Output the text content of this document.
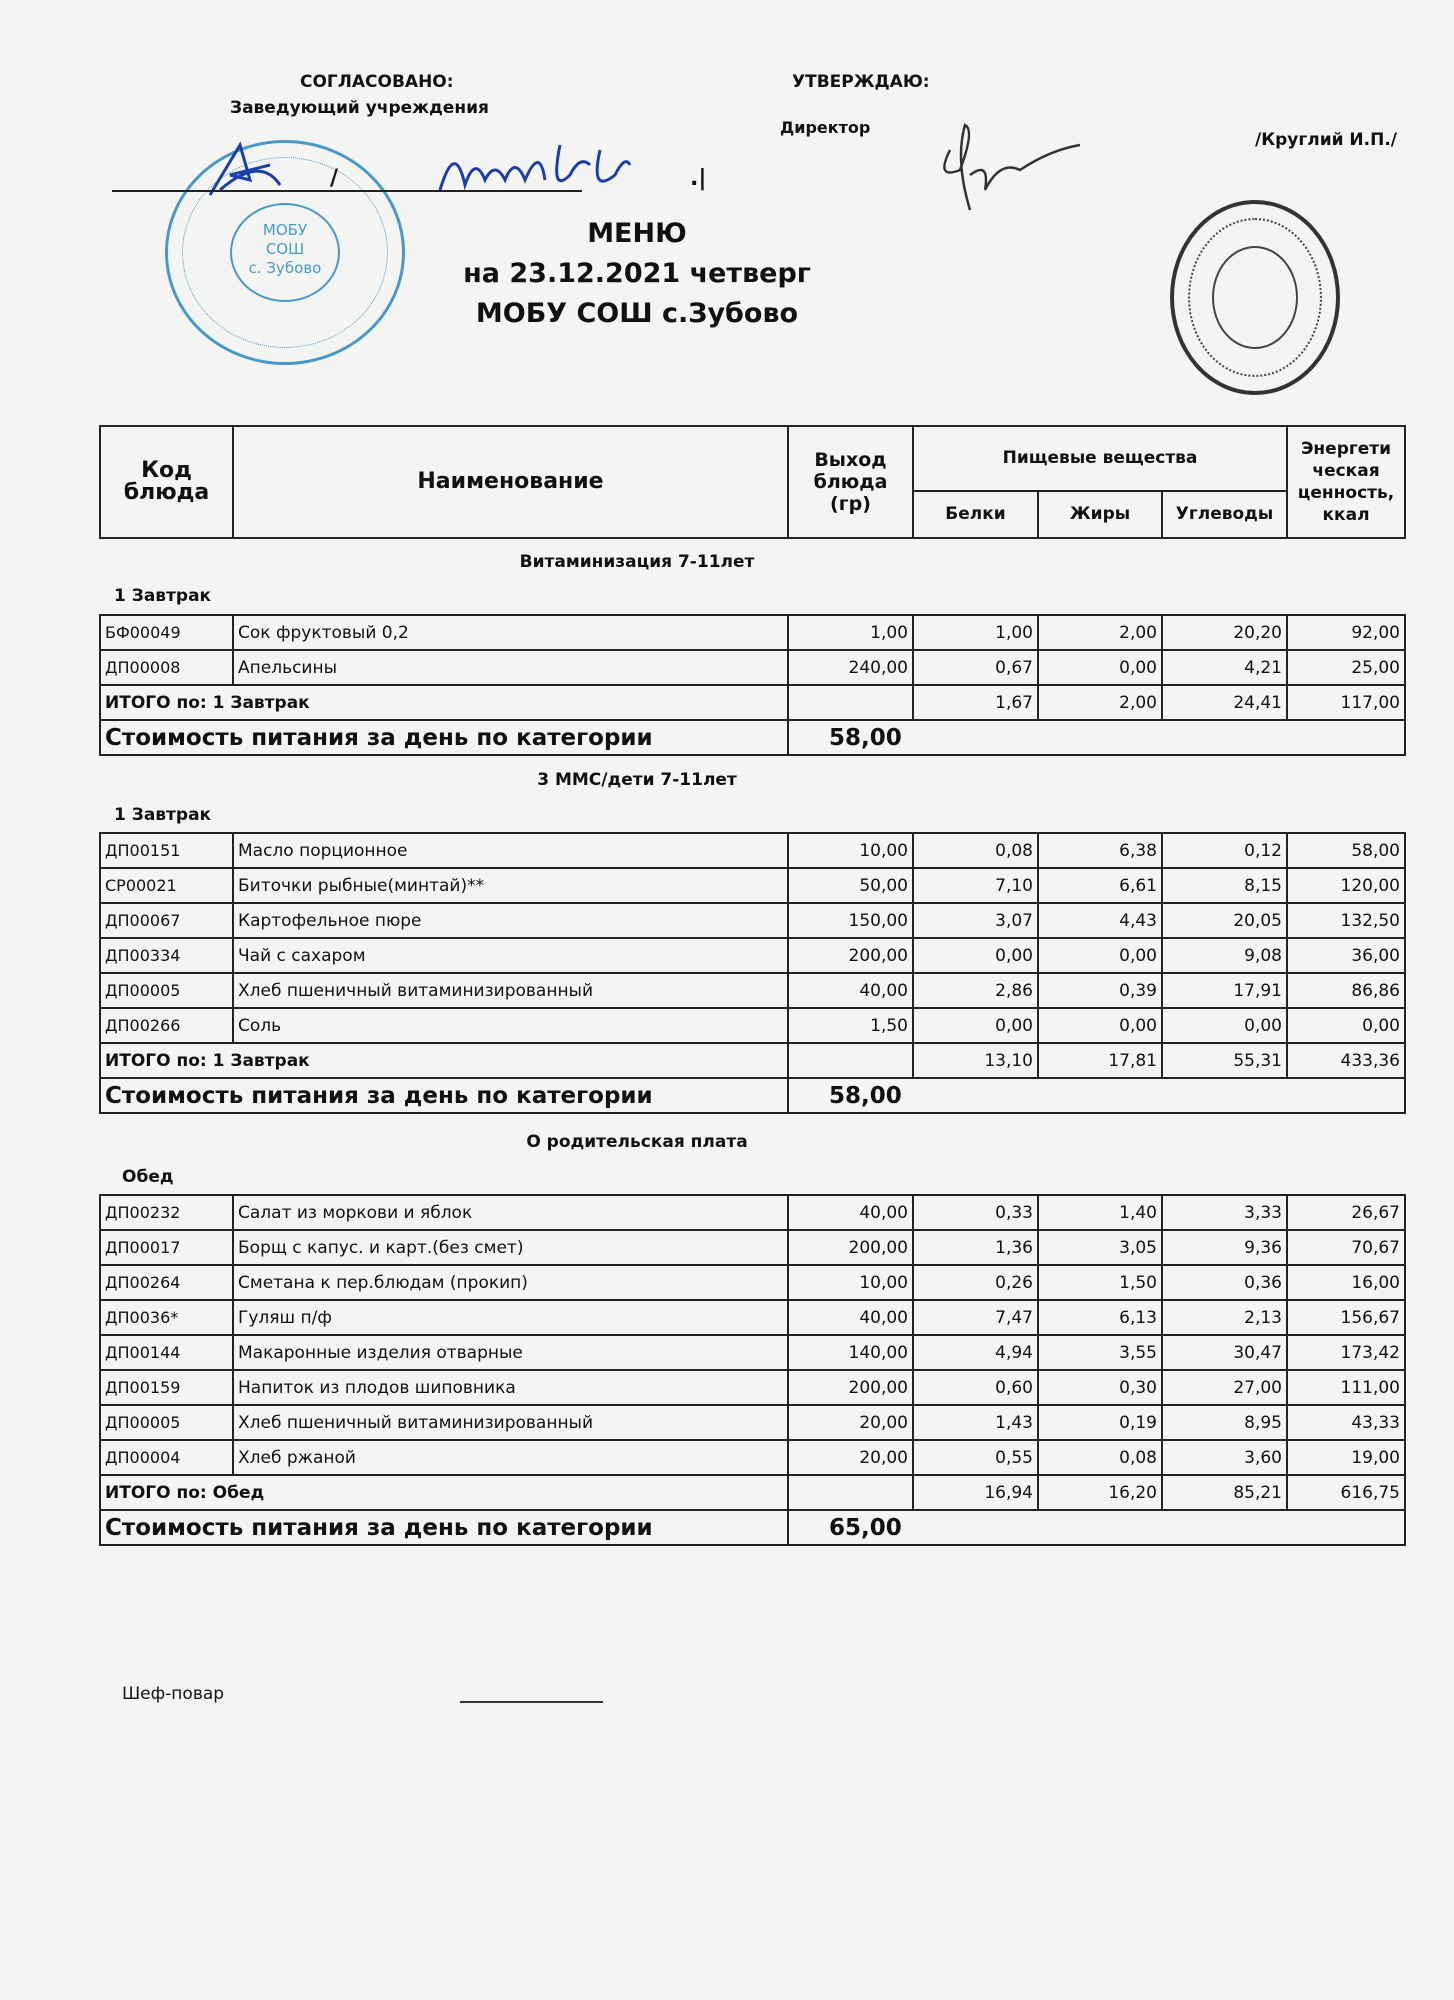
СОГЛАСОВАНО:
Заведующий учреждения
МОБУ
СОШ
с. Зубово
/	.|
УТВЕРЖДАЮ:
Директор
/Круглий И.П./
МЕНЮ
на 23.12.2021 четверг
МОБУ СОШ с.Зубово
Код блюда	Наименование	Выход блюда (гр)	Пищевые вещества			Энергети ческая ценность, ккал
			Белки	Жиры	Углеводы	
Витаминизация 7-11лет
1 Завтрак
БФ00049	Сок фруктовый 0,2	1,00	1,00	2,00	20,20	92,00
ДП00008	Апельсины	240,00	0,67	0,00	4,21	25,00
ИТОГО по: 1 Завтрак			1,67	2,00	24,41	117,00
Стоимость питания за день по категории		58,00				
3 ММС/дети 7-11лет
1 Завтрак
ДП00151	Масло порционное	10,00	0,08	6,38	0,12	58,00
СР00021	Биточки рыбные(минтай)**	50,00	7,10	6,61	8,15	120,00
ДП00067	Картофельное пюре	150,00	3,07	4,43	20,05	132,50
ДП00334	Чай с сахаром	200,00	0,00	0,00	9,08	36,00
ДП00005	Хлеб пшеничный витаминизированный	40,00	2,86	0,39	17,91	86,86
ДП00266	Соль	1,50	0,00	0,00	0,00	0,00
ИТОГО по: 1 Завтрак			13,10	17,81	55,31	433,36
Стоимость питания за день по категории		58,00				
О родительская плата
Обед
ДП00232	Салат из моркови и яблок	40,00	0,33	1,40	3,33	26,67
ДП00017	Борщ с капус. и карт.(без смет)	200,00	1,36	3,05	9,36	70,67
ДП00264	Сметана к пер.блюдам (прокип)	10,00	0,26	1,50	0,36	16,00
ДП0036*	Гуляш п/ф	40,00	7,47	6,13	2,13	156,67
ДП00144	Макаронные изделия отварные	140,00	4,94	3,55	30,47	173,42
ДП00159	Напиток из плодов шиповника	200,00	0,60	0,30	27,00	111,00
ДП00005	Хлеб пшеничный витаминизированный	20,00	1,43	0,19	8,95	43,33
ДП00004	Хлеб ржаной	20,00	0,55	0,08	3,60	19,00
ИТОГО по: Обед			16,94	16,20	85,21	616,75
Стоимость питания за день по категории		65,00				
Шеф-повар
